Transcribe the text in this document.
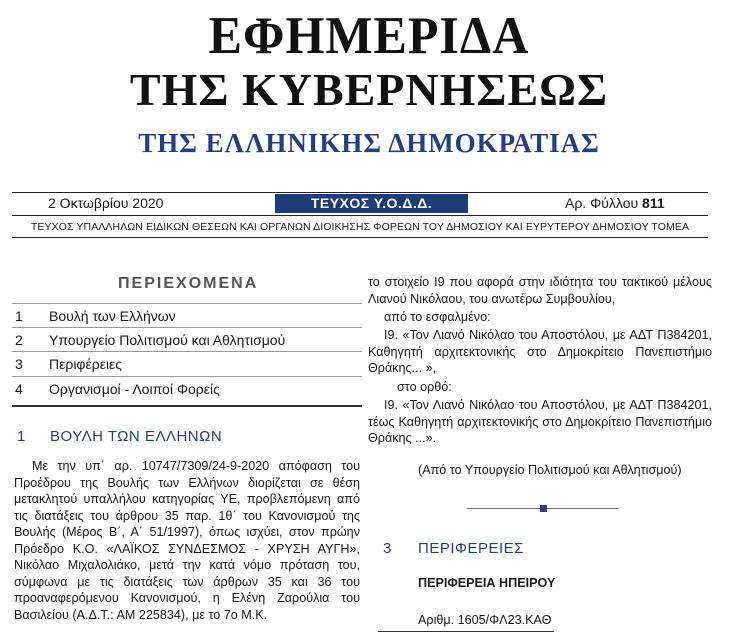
ΕΦΗΜΕΡΙΔΑ
ΤΗΣ ΚΥΒΕΡΝΗΣΕΩΣ
ΤΗΣ ΕΛΛΗΝΙΚΗΣ ΔΗΜΟΚΡΑΤΙΑΣ
2 Οκτωβρίου 2020	ΤΕΥΧΟΣ Υ.Ο.Δ.Δ.	Αρ. Φύλλου 811
ΤΕΥΧΟΣ ΥΠΑΛΛΗΛΩΝ ΕΙΔΙΚΩΝ ΘΕΣΕΩΝ ΚΑΙ ΟΡΓΑΝΩΝ ΔΙΟΙΚΗΣΗΣ ΦΟΡΕΩΝ ΤΟΥ ΔΗΜΟΣΙΟΥ ΚΑΙ ΕΥΡΥΤΕΡΟΥ ΔΗΜΟΣΙΟΥ ΤΟΜΕΑ
ΠΕΡΙΕΧΟΜΕΝΑ
1 Βουλή των Ελλήνων
2 Υπουργείο Πολιτισμού και Αθλητισμού
3 Περιφέρειες
4 Οργανισμοί - Λοιποί Φορείς
1 ΒΟΥΛΗ ΤΩΝ ΕΛΛΗΝΩΝ
Με την υπ΄ αρ. 10747/7309/24-9-2020 απόφαση του Προέδρου της Βουλής των Ελλήνων διορίζεται σε θέση μετακλητού υπαλλήλου κατηγορίας ΥΕ, προβλεπόμενη από τις διατάξεις του άρθρου 35 παρ. 1θ΄ του Κανονισμού της Βουλής (Μέρος Β΄, Α΄ 51/1997), όπως ισχύει, στον πρώην Πρόεδρο Κ.Ο. «ΛΑΪΚΟΣ ΣΥΝΔΕΣΜΟΣ - ΧΡΥΣΗ ΑΥΓΗ», Νικόλαο Μιχαλολιάκο, μετά την κατά νόμο πρόταση του, σύμφωνα με τις διατάξεις των άρθρων 35 και 36 του προαναφερόμενου Κανονισμού, η Ελένη Ζαρούλια του Βασιλείου (Α.Δ.Τ.: ΑΜ 225834), με το 7ο Μ.Κ.
το στοιχείο Ι9 που αφορά στην ιδιότητα του τακτικού μέλους Λιανού Νικόλαου, του ανωτέρω Συμβουλίου,
από το εσφαλμένο:
Ι9. «Τον Λιανό Νικόλαο του Αποστόλου, με ΑΔΤ Π384201, Καθηγητή αρχιτεκτονικής στο Δημοκρίτειο Πανεπιστήμιο Θράκης... »,
στο ορθό:
Ι9. «Τον Λιανό Νικόλαο του Αποστόλου, με ΑΔΤ Π384201, τέως Καθηγητή αρχιτεκτονικής στο Δημοκρίτειο Πανεπιστήμιο Θράκης ...».
(Από το Υπουργείο Πολιτισμού και Αθλητισμού)
3 ΠΕΡΙΦΕΡΕΙΕΣ
ΠΕΡΙΦΕΡΕΙΑ ΗΠΕΙΡΟΥ
Αριθμ. 1605/ΦΛ23.ΚΑΘ
